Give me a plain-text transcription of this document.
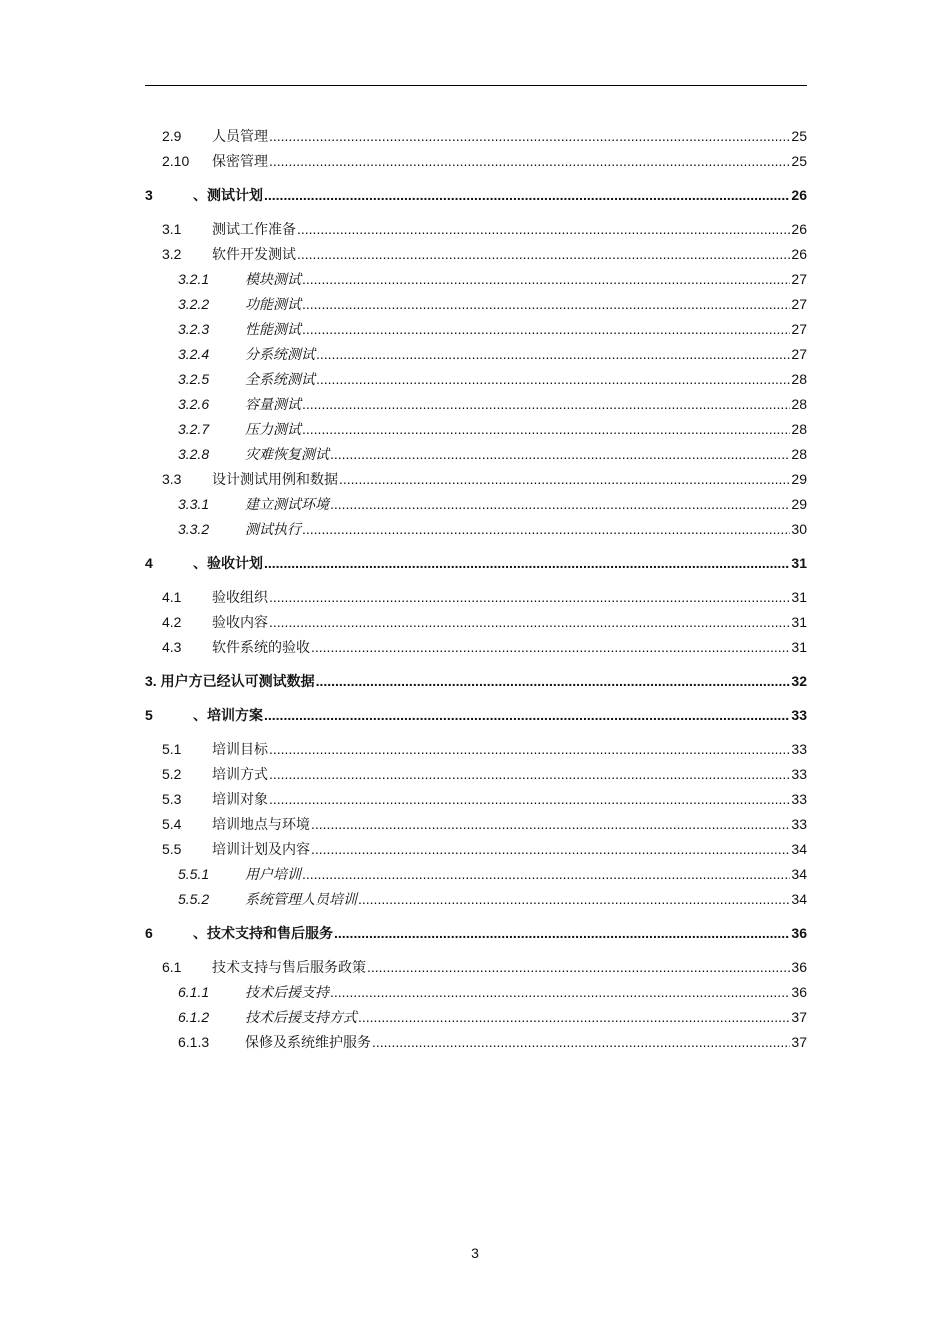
2.9	人员管理 .....	25
2.10	保密管理 .....	25
3	、测试计划 .....	26
3.1	测试工作准备 .....	26
3.2	软件开发测试 .....	26
3.2.1	模块测试 .....	27
3.2.2	功能测试 .....	27
3.2.3	性能测试 .....	27
3.2.4	分系统测试 .....	27
3.2.5	全系统测试 .....	28
3.2.6	容量测试 .....	28
3.2.7	压力测试 .....	28
3.2.8	灾难恢复测试 .....	28
3.3	设计测试用例和数据 .....	29
3.3.1	建立测试环境 .....	29
3.3.2	测试执行 .....	30
4	、验收计划 .....	31
4.1	验收组织 .....	31
4.2	验收内容 .....	31
4.3	软件系统的验收 .....	31
3. 用户方已经认可测试数据 .....	32
5	、培训方案 .....	33
5.1	培训目标 .....	33
5.2	培训方式 .....	33
5.3	培训对象 .....	33
5.4	培训地点与环境 .....	33
5.5	培训计划及内容 .....	34
5.5.1	用户培训 .....	34
5.5.2	系统管理人员培训 .....	34
6	、技术支持和售后服务 .....	36
6.1	技术支持与售后服务政策 .....	36
6.1.1	技术后援支持 .....	36
6.1.2	技术后援支持方式 .....	37
6.1.3	保修及系统维护服务 .....	37
3
